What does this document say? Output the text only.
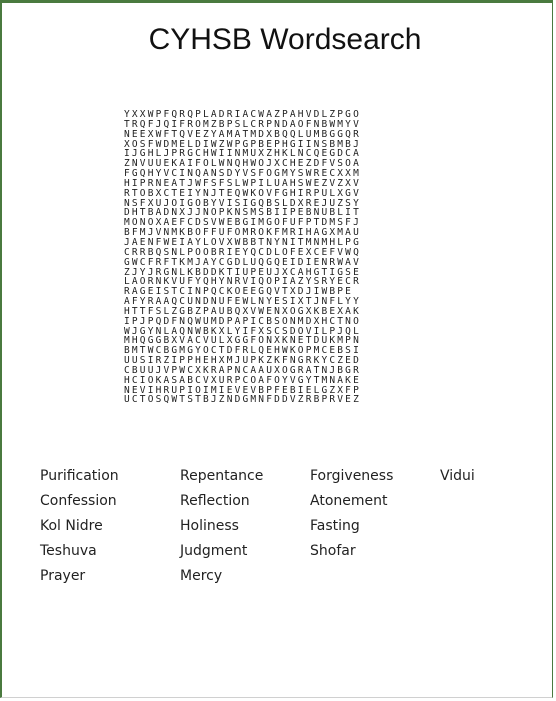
CYHSB Wordsearch
YXXWPFQRQPLADRIACWAZPAHVDLZPGO
TRQFJQIFROMZBPSLCRPNDAOFNBWMYV
NEEXWFTQVEZYAMATMDXBQQLUMBGGQR
XOSFWDMELDIWZWPGPBEPHGIINSBMBJ
IJGHLJPRGCHWIINMUXZHKLNCQEGDCA
ZNVUUEKAIFOLWNQHWOJXCHEZDFVSOA
FGQHYVCINQANSDYVSFOGMYSWRECXXM
HIPRNEATJWFSFSLWPILUAHSWEZVZXV
RTOBXCTEIYNJTEQWKOVFGHIRPULXGV
NSFXUJOIGOBYVISIGQBSLDXREJUZSY
DHTBADNXJJNOPKNSMSBIIPEBNUBLIT
MONOXAEFCDSVWEBGIMGOFUFPTDMSFJ
BFMJVNMKBOFFUFOMROKFMRIHAGXMAU
JAENFWEIAYLOVXWBBTNYNITMNMHLPG
CRRBQSNLPOOBRIEYQCDLOFEXCEFVWQ
GWCFRFTKMJAYCGDLUQGQEIDIENRWAV
ZJYJRGNLKBDDKTIUPEUJXCAHGTIGSE
LAORNKVUFYQHYNRVIQOPIAZYSRYECR
RAGEISTCINPQCKOEEGQVTXDJIWBPE
AFYRAAQCUNDNUFEWLNYESIXTJNFLYY
HTTFSLZGBZPAUBQXVWENXOGXKBEXAK
IPJPQDFNQWUMDPAPICBSONMDXHCTNO
WJGYNLAQNWBKXLYIFXSCSDOVILPJQL
MHQGGBXVACVULXGGFONXKNETDUKMPN
BMTWCBGMGYOCTDFRLQEHWKOPMCEBSI
UUSIRZIPPHEHXMJUPKZKFNGRKYCZED
CBUUJVPWCXKRAPNCAAUXOGRATNJBGR
HCIOKASABCVXURPCOAFOYVGYTMNAKE
NEVIHRUPIOIMIEVEVBPFEBIELGZXFP
UCTOSQWTSTBJZNDGMNFDDVZRBPRVEZ
Purification
Confession
Kol Nidre
Teshuva
Prayer
Repentance
Reflection
Holiness
Judgment
Mercy
Forgiveness
Atonement
Fasting
Shofar
Vidui
